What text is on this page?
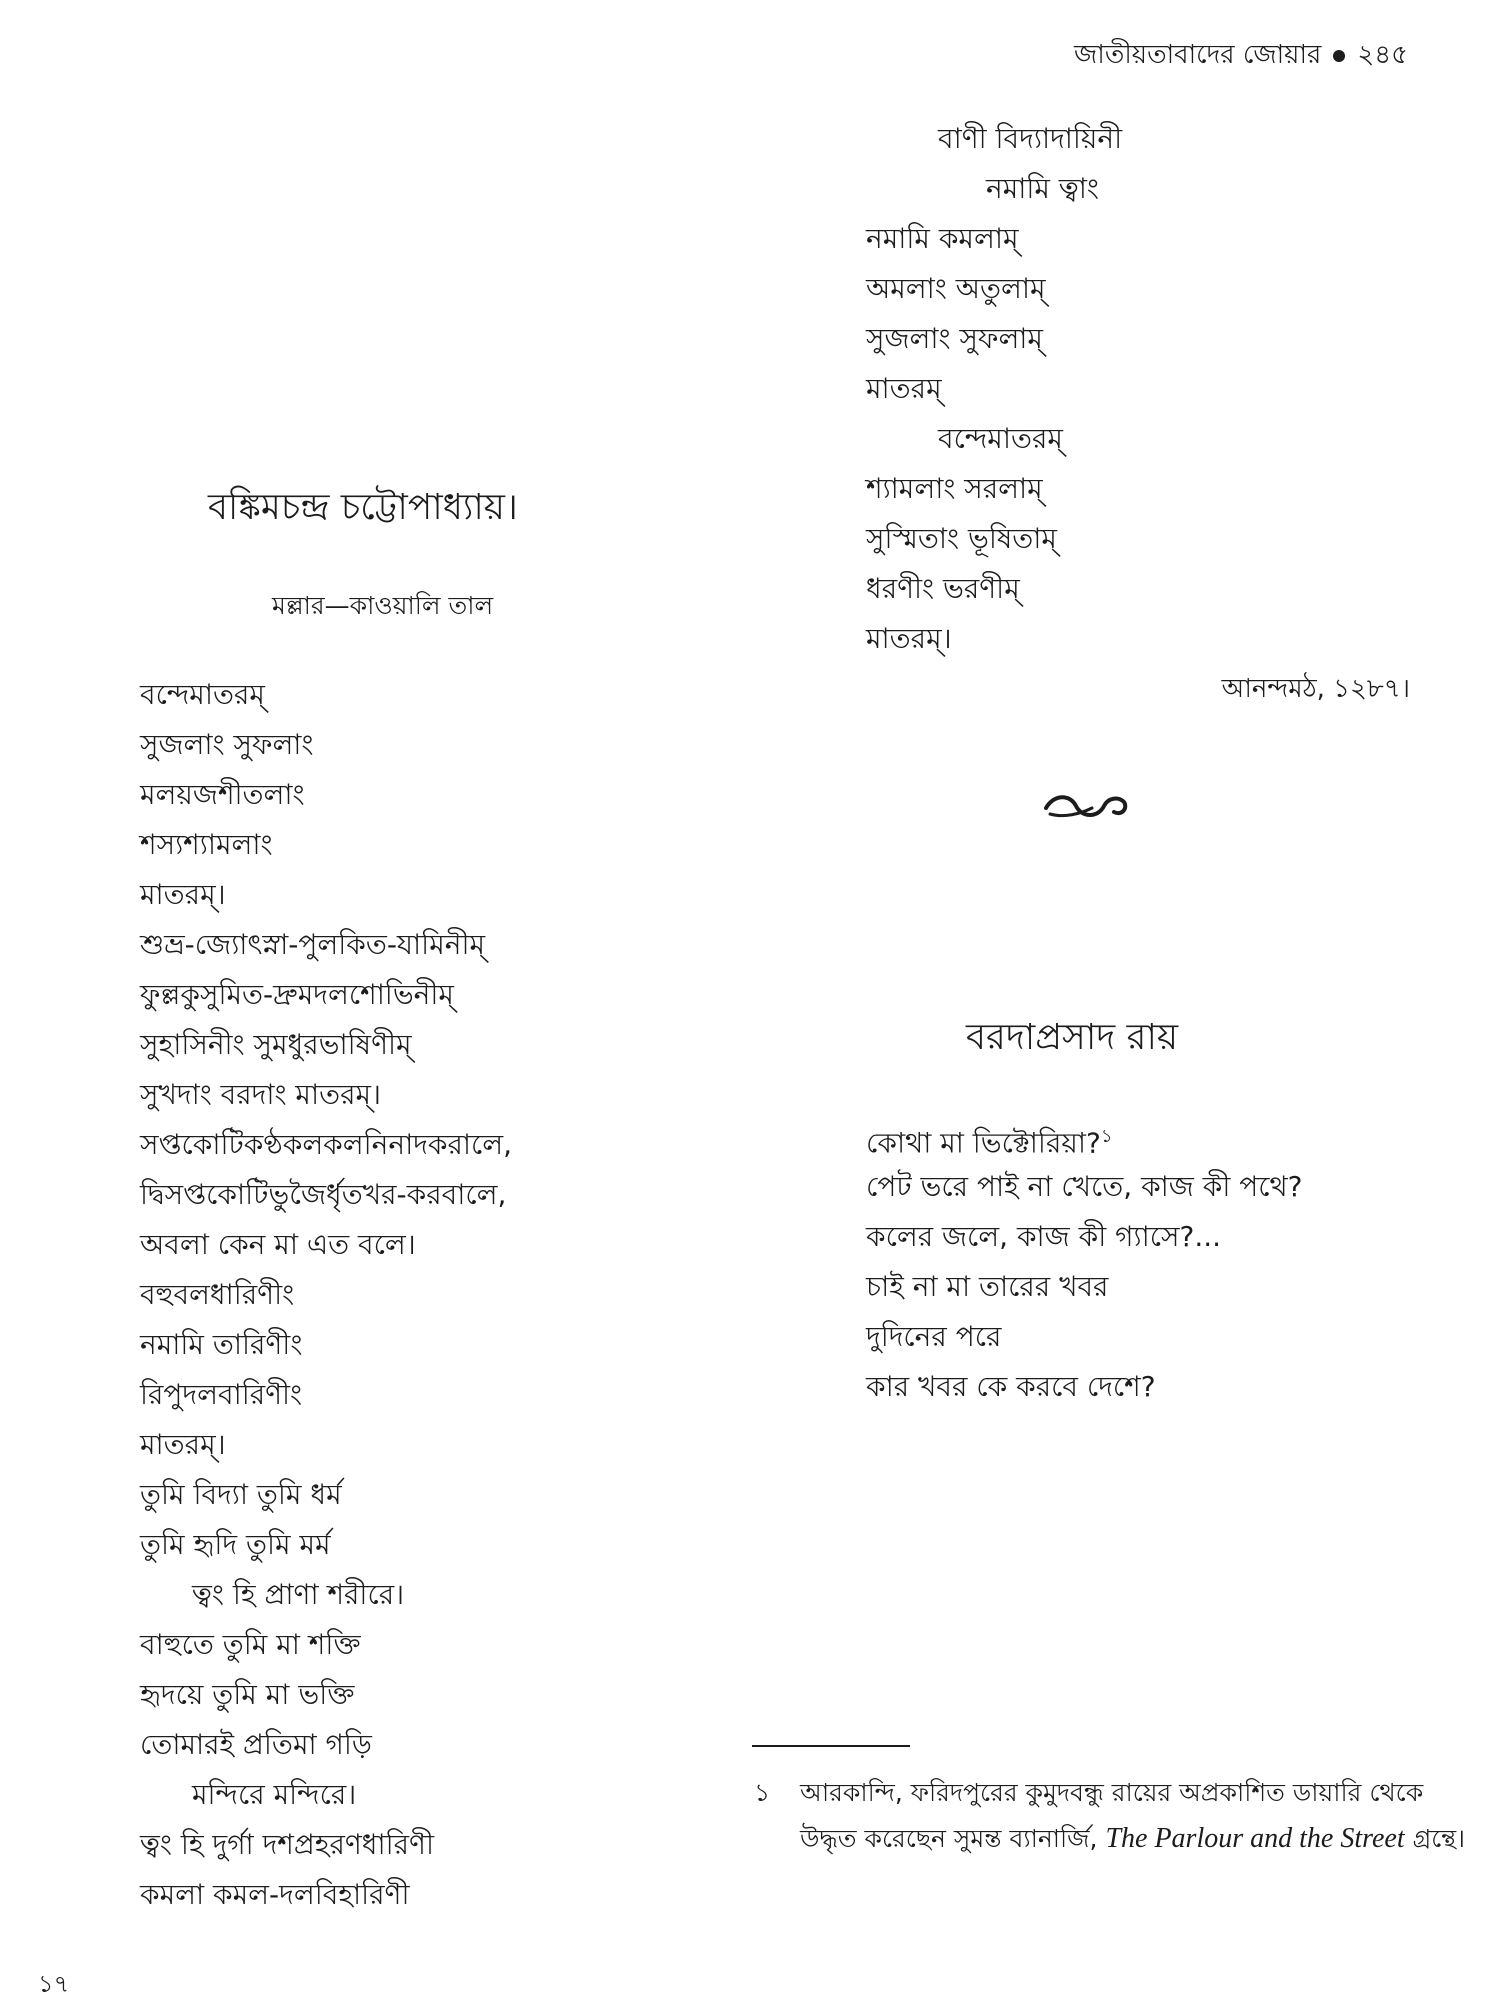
জাতীয়তাবাদের জোয়ার ২৪৫
বঙ্কিমচন্দ্র চট্টোপাধ্যায়।
মল্লার—কাওয়ালি তাল
বন্দেমাতরম্
সুজলাং সুফলাং
মলয়জশীতলাং
শস্যশ্যামলাং
মাতরম্।
শুভ্র-জ্যোৎস্না-পুলকিত-যামিনীম্
ফুল্লকুসুমিত-দ্রুমদলশোভিনীম্
সুহাসিনীং সুমধুরভাষিণীম্
সুখদাং বরদাং মাতরম্।
সপ্তকোটিকণ্ঠকলকলনিনাদকরালে,
দ্বিসপ্তকোটিভুজৈর্ধৃতখর-করবালে,
অবলা কেন মা এত বলে।
বহুবলধারিণীং
নমামি তারিণীং
রিপুদলবারিণীং
মাতরম্।
তুমি বিদ্যা তুমি ধর্ম
তুমি হৃদি তুমি মর্ম
ত্বং হি প্রাণা শরীরে।
বাহুতে তুমি মা শক্তি
হৃদয়ে তুমি মা ভক্তি
তোমারই প্রতিমা গড়ি
মন্দিরে মন্দিরে।
ত্বং হি দুর্গা দশপ্রহরণধারিণী
কমলা কমল-দলবিহারিণী
বাণী বিদ্যাদায়িনী
নমামি ত্বাং
নমামি কমলাম্
অমলাং অতুলাম্
সুজলাং সুফলাম্
মাতরম্
বন্দেমাতরম্
শ্যামলাং সরলাম্
সুস্মিতাং ভূষিতাম্
ধরণীং ভরণীম্
মাতরম্।
আনন্দমঠ, ১২৮৭।
বরদাপ্রসাদ রায়
কোথা মা ভিক্টোরিয়া?$^১$
পেট ভরে পাই না খেতে, কাজ কী পথে?
কলের জলে, কাজ কী গ্যাসে?...
চাই না মা তারের খবর
দুদিনের পরে
কার খবর কে করবে দেশে?
১ আরকান্দি, ফরিদপুরের কুমুদবন্ধু রায়ের অপ্রকাশিত ডায়ারি থেকে উদ্ধৃত করেছেন সুমন্ত ব্যানার্জি, The Parlour and the Street গ্রন্থে।
১৭
